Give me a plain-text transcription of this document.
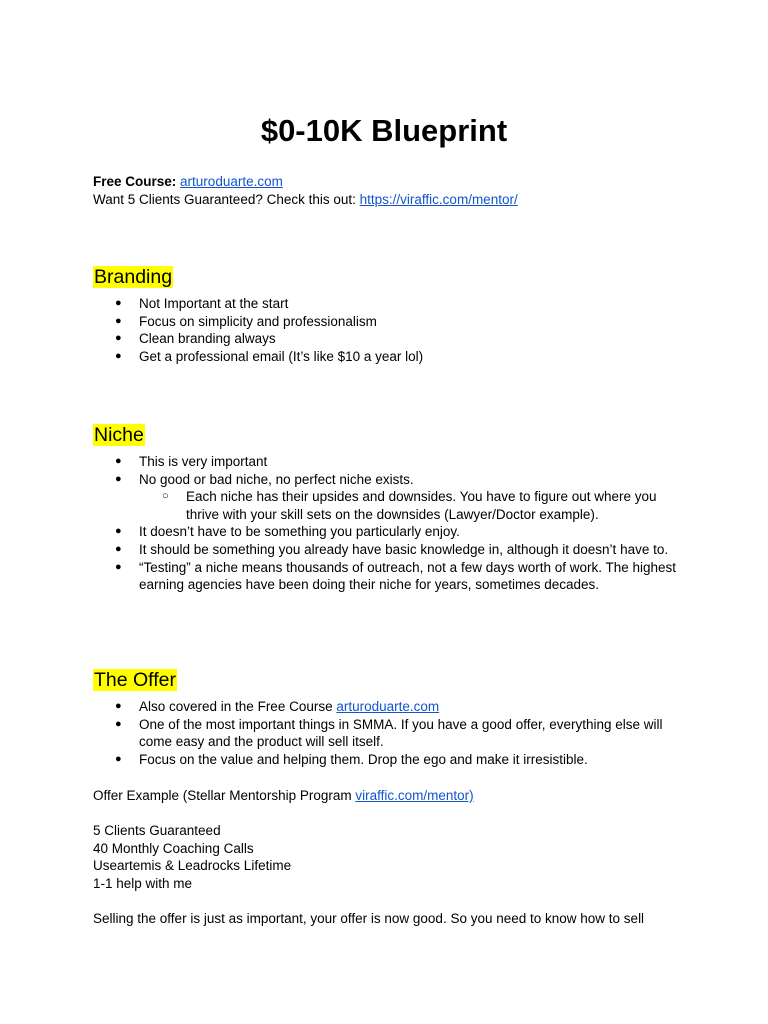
$0-10K Blueprint
Free Course: arturoduarte.com
Want 5 Clients Guaranteed? Check this out: https://viraffic.com/mentor/
Branding
● Not Important at the start
● Focus on simplicity and professionalism
● Clean branding always
● Get a professional email (It’s like $10 a year lol)
Niche
● This is very important
● No good or bad niche, no perfect niche exists.
○ Each niche has their upsides and downsides. You have to figure out where you thrive with your skill sets on the downsides (Lawyer/Doctor example).
● It doesn’t have to be something you particularly enjoy.
● It should be something you already have basic knowledge in, although it doesn’t have to.
● “Testing” a niche means thousands of outreach, not a few days worth of work. The highest earning agencies have been doing their niche for years, sometimes decades.
The Offer
● Also covered in the Free Course arturoduarte.com
● One of the most important things in SMMA. If you have a good offer, everything else will come easy and the product will sell itself.
● Focus on the value and helping them. Drop the ego and make it irresistible.
Offer Example (Stellar Mentorship Program viraffic.com/mentor)
5 Clients Guaranteed
40 Monthly Coaching Calls
Useartemis & Leadrocks Lifetime
1-1 help with me
Selling the offer is just as important, your offer is now good. So you need to know how to sell
